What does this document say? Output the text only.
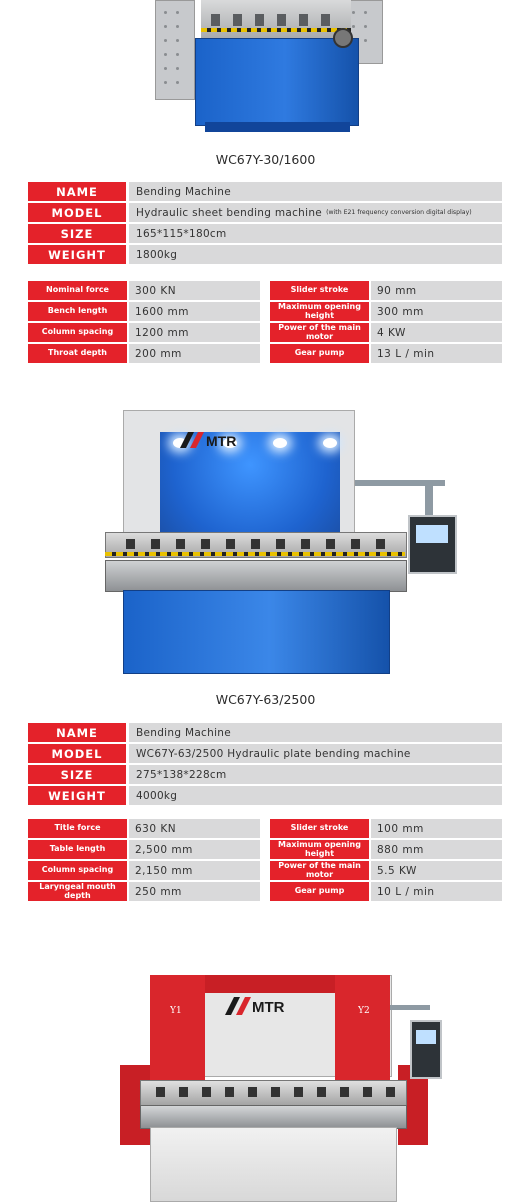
WC67Y-30/1600
NAME	Bending Machine
MODEL	Hydraulic sheet bending machine (with E21 frequency conversion digital display)
SIZE	165*115*180cm
WEIGHT	1800kg
Nominal force	300 KN
Bench length	1600 mm
Column spacing	1200 mm
Throat depth	200 mm
Slider stroke	90 mm
Maximum opening height	300 mm
Power of the main motor	4 KW
Gear pump	13 L / min
MTR
WC67Y-63/2500
NAME	Bending Machine
MODEL	WC67Y-63/2500 Hydraulic plate bending machine
SIZE	275*138*228cm
WEIGHT	4000kg
Title force	630 KN
Table length	2,500 mm
Column spacing	2,150 mm
Laryngeal mouth depth	250 mm
Slider stroke	100 mm
Maximum opening height	880 mm
Power of the main motor	5.5 KW
Gear pump	10 L / min
Y1	Y2
MTR
